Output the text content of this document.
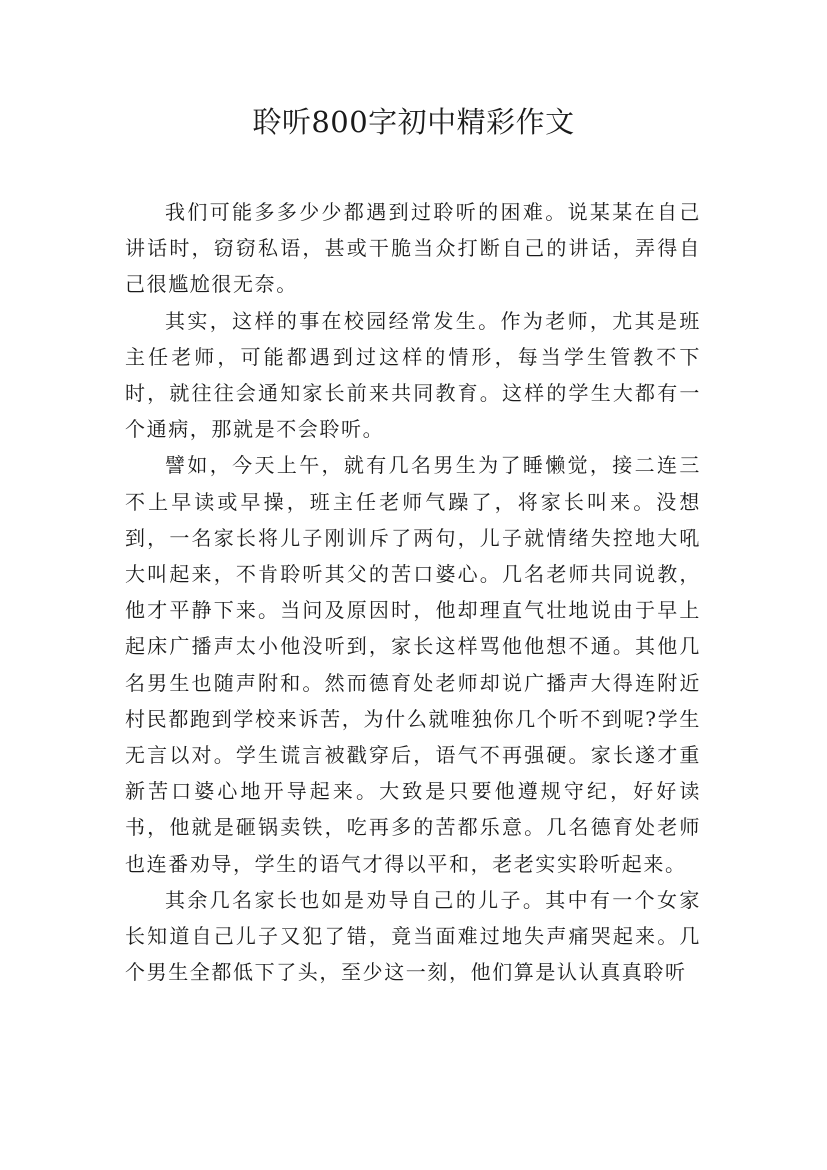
聆听800字初中精彩作文

我们可能多多少少都遇到过聆听的困难。说某某在自己讲话时，窃窃私语，甚或干脆当众打断自己的讲话，弄得自己很尴尬很无奈。

其实，这样的事在校园经常发生。作为老师，尤其是班主任老师，可能都遇到过这样的情形，每当学生管教不下时，就往往会通知家长前来共同教育。这样的学生大都有一个通病，那就是不会聆听。

譬如，今天上午，就有几名男生为了睡懒觉，接二连三不上早读或早操，班主任老师气躁了，将家长叫来。没想到，一名家长将儿子刚训斥了两句，儿子就情绪失控地大吼大叫起来，不肯聆听其父的苦口婆心。几名老师共同说教，他才平静下来。当问及原因时，他却理直气壮地说由于早上起床广播声太小他没听到，家长这样骂他他想不通。其他几名男生也随声附和。然而德育处老师却说广播声大得连附近村民都跑到学校来诉苦，为什么就唯独你几个听不到呢?学生无言以对。学生谎言被戳穿后，语气不再强硬。家长遂才重新苦口婆心地开导起来。大致是只要他遵规守纪，好好读书，他就是砸锅卖铁，吃再多的苦都乐意。几名德育处老师也连番劝导，学生的语气才得以平和，老老实实聆听起来。

其余几名家长也如是劝导自己的儿子。其中有一个女家长知道自己儿子又犯了错，竟当面难过地失声痛哭起来。几个男生全都低下了头，至少这一刻，他们算是认认真真聆听
